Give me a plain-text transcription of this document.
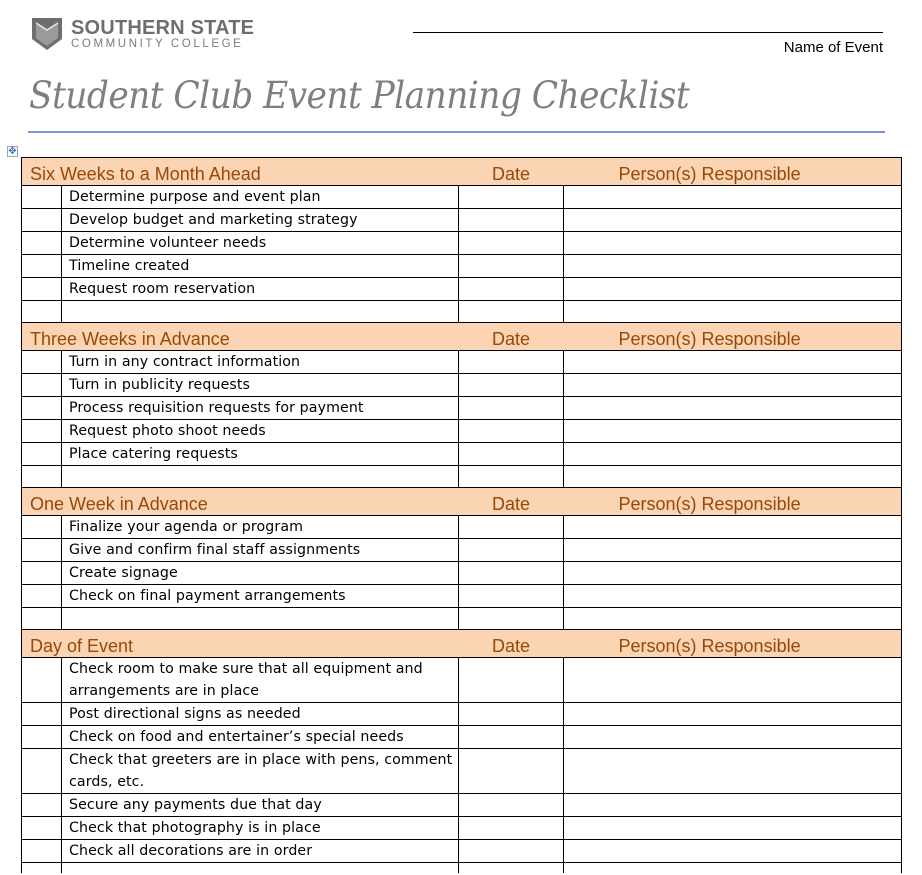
SOUTHERN STATE
COMMUNITY COLLEGE	Name of Event
Student Club Event Planning Checklist
✥
Six Weeks to a Month Ahead		Date	Person(s) Responsible

	Determine purpose and event plan		
	Develop budget and marketing strategy		
	Determine volunteer needs		
	Timeline created		
	Request room reservation		

Three Weeks in Advance		Date	Person(s) Responsible

	Turn in any contract information		
	Turn in publicity requests		
	Process requisition requests for payment		
	Request photo shoot needs		
	Place catering requests		

One Week in Advance		Date	Person(s) Responsible

	Finalize your agenda or program		
	Give and confirm final staff assignments		
	Create signage		
	Check on final payment arrangements		

Day of Event		Date	Person(s) Responsible

	Check room to make sure that all equipment and arrangements are in place		
	Post directional signs as needed		
	Check on food and entertainer’s special needs		
	Check that greeters are in place with pens, comment cards, etc.		
	Secure any payments due that day		
	Check that photography is in place		
	Check all decorations are in order		
